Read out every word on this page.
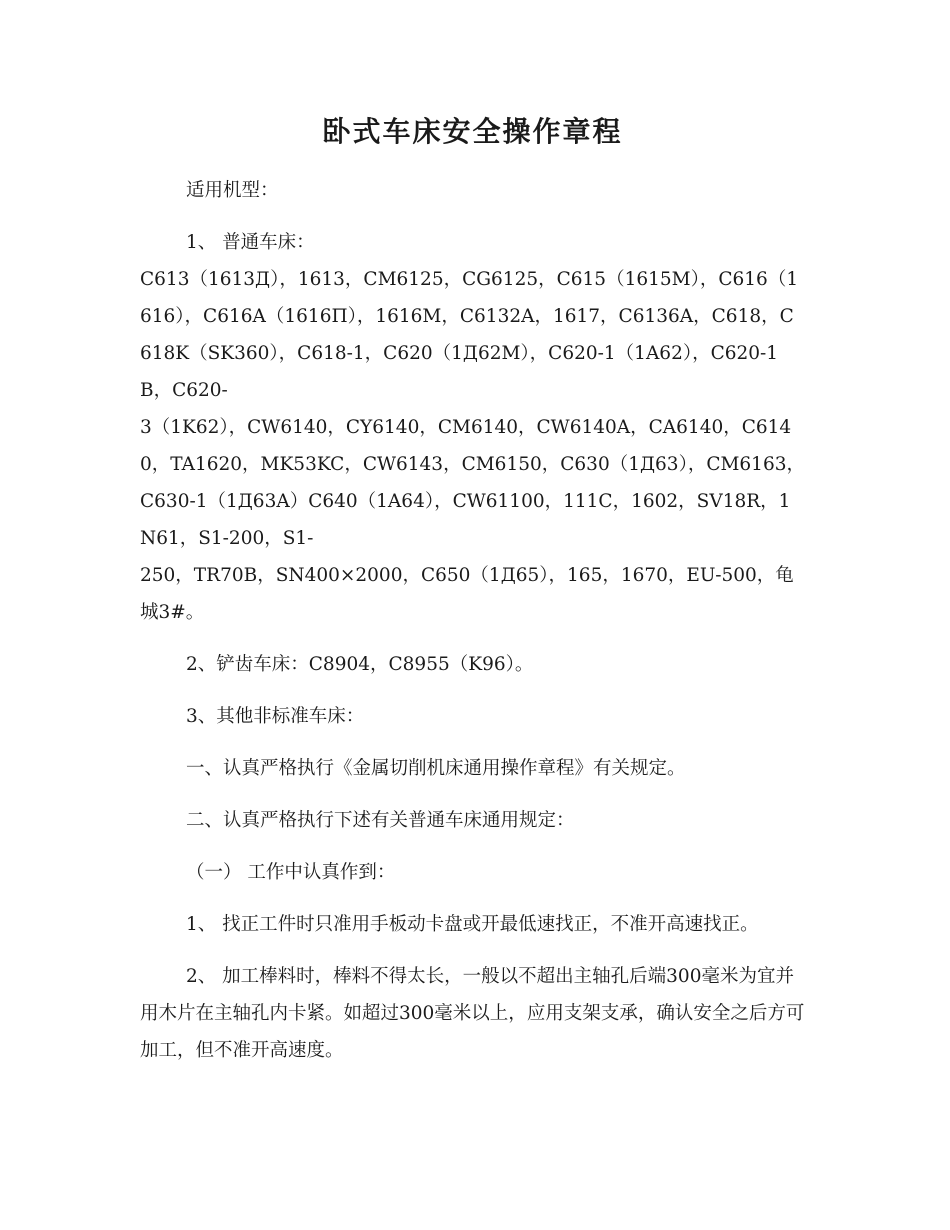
卧式车床安全操作章程

适用机型：

1、 普通车床：

C613（1613Д），1613，CM6125，CG6125，C615（1615M），C616（1616），C616A（1616Π），1616M，C6132A，1617，C6136A，C618，C618K（SK360），C618-1，C620（1Д62M），C620-1（1A62），C620-1B，C620-

3（1K62），CW6140，CY6140，CM6140，CW6140A，CA6140，C6140，TA1620，MK53KC，CW6143，CM6150，C630（1Д63），CM6163，C630-1（1Д63A）C640（1A64），CW61100，111C，1602，SV18R，1N61，S1-200，S1-

250，TR70B，SN400×2000，C650（1Д65），165，1670，EU-500，龟城3#。

2、铲齿车床：C8904，C8955（K96）。

3、其他非标准车床：

一、认真严格执行《金属切削机床通用操作章程》有关规定。

二、认真严格执行下述有关普通车床通用规定：

（一） 工作中认真作到：

1、 找正工件时只准用手板动卡盘或开最低速找正，不准开高速找正。

2、 加工棒料时，棒料不得太长，一般以不超出主轴孔后端300毫米为宜并用木片在主轴孔内卡紧。如超过300毫米以上，应用支架支承，确认安全之后方可加工，但不准开高速度。
